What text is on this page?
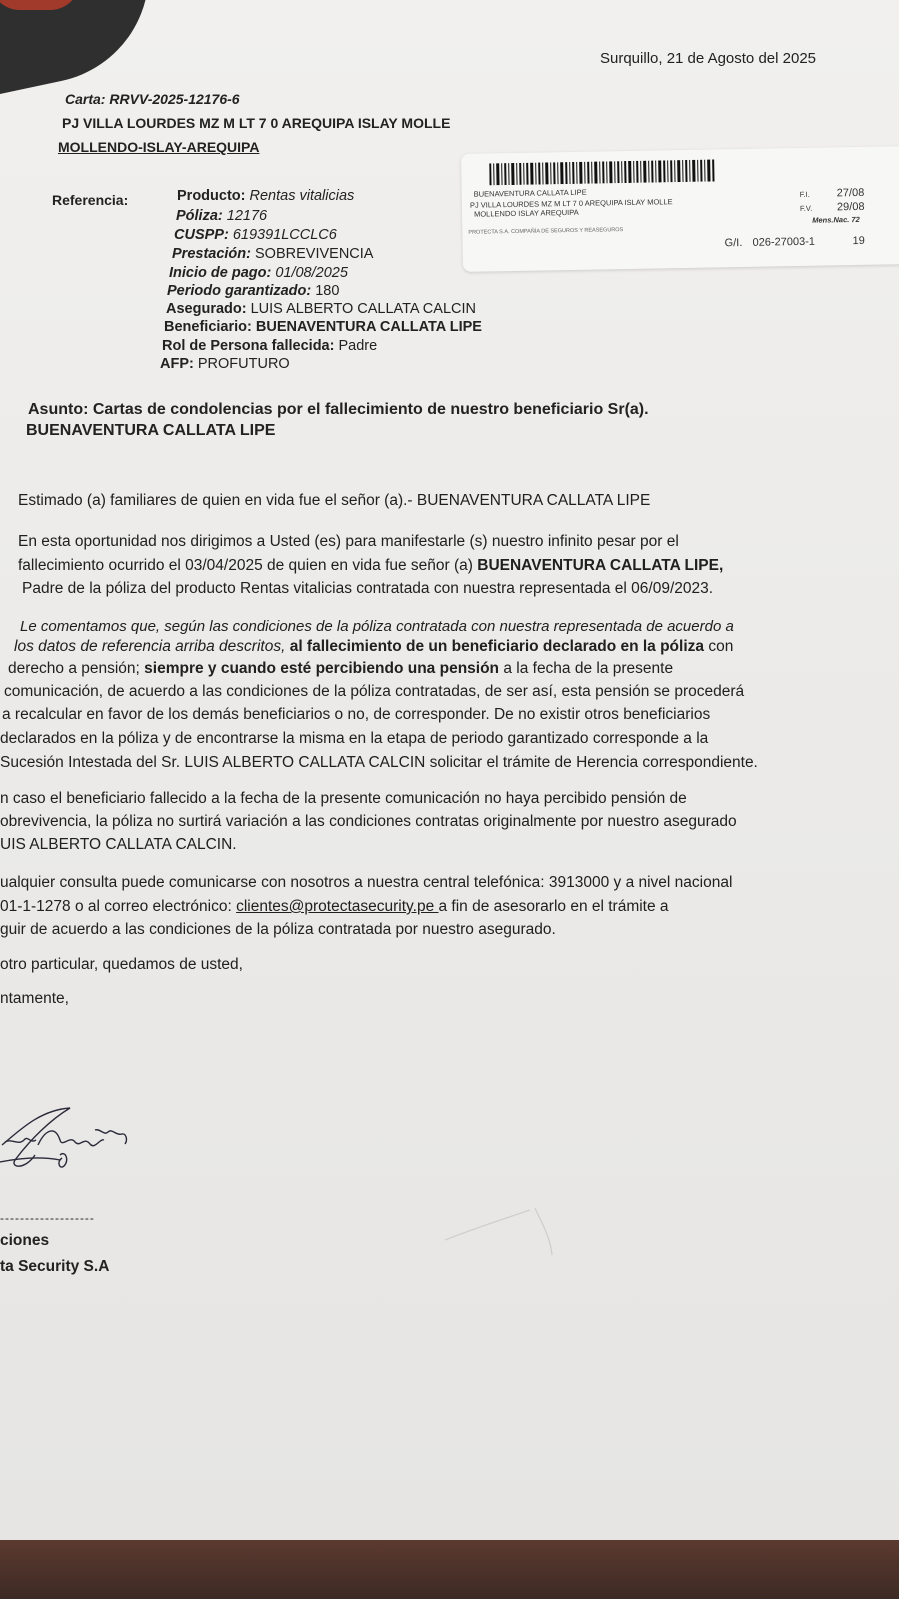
Surquillo, 21 de Agosto del 2025
Carta: RRVV-2025-12176-6
PJ VILLA LOURDES MZ M LT 7 0 AREQUIPA ISLAY MOLLE
MOLLENDO-ISLAY-AREQUIPA
Referencia:	Producto: Rentas vitalicias
Póliza: 12176
CUSPP: 619391LCCLC6
Prestación: SOBREVIVENCIA
Inicio de pago: 01/08/2025
Periodo garantizado: 180
Asegurado: LUIS ALBERTO CALLATA CALCIN
Beneficiario: BUENAVENTURA CALLATA LIPE
Rol de Persona fallecida: Padre
AFP: PROFUTURO
BUENAVENTURA CALLATA LIPE
PJ VILLA LOURDES MZ M LT 7 0 AREQUIPA ISLAY MOLLE
MOLLENDO ISLAY AREQUIPA
PROTECTA S.A. COMPAÑÍA DE SEGUROS Y REASEGUROS
F.I. 27/08
F.V. 29/08
Mens.Nac. 72
G/I. 026-27003-1	19
Asunto: Cartas de condolencias por el fallecimiento de nuestro beneficiario Sr(a).
BUENAVENTURA CALLATA LIPE
Estimado (a) familiares de quien en vida fue el señor (a).- BUENAVENTURA CALLATA LIPE
En esta oportunidad nos dirigimos a Usted (es) para manifestarle (s) nuestro infinito pesar por el
fallecimiento ocurrido el 03/04/2025 de quien en vida fue señor (a) BUENAVENTURA CALLATA LIPE,
Padre de la póliza del producto Rentas vitalicias contratada con nuestra representada el 06/09/2023.
Le comentamos que, según las condiciones de la póliza contratada con nuestra representada de acuerdo a
los datos de referencia arriba descritos, al fallecimiento de un beneficiario declarado en la póliza con
derecho a pensión; siempre y cuando esté percibiendo una pensión a la fecha de la presente
comunicación, de acuerdo a las condiciones de la póliza contratadas, de ser así, esta pensión se procederá
a recalcular en favor de los demás beneficiarios o no, de corresponder. De no existir otros beneficiarios
declarados en la póliza y de encontrarse la misma en la etapa de periodo garantizado corresponde a la
Sucesión Intestada del Sr. LUIS ALBERTO CALLATA CALCIN solicitar el trámite de Herencia correspondiente.
n caso el beneficiario fallecido a la fecha de la presente comunicación no haya percibido pensión de
obrevivencia, la póliza no surtirá variación a las condiciones contratas originalmente por nuestro asegurado
UIS ALBERTO CALLATA CALCIN.
ualquier consulta puede comunicarse con nosotros a nuestra central telefónica: 3913000 y a nivel nacional
01-1-1278 o al correo electrónico: clientes@protectasecurity.pe a fin de asesorarlo en el trámite a
guir de acuerdo a las condiciones de la póliza contratada por nuestro asegurado.
otro particular, quedamos de usted,
ntamente,
-------------------
ciones
ta Security S.A
